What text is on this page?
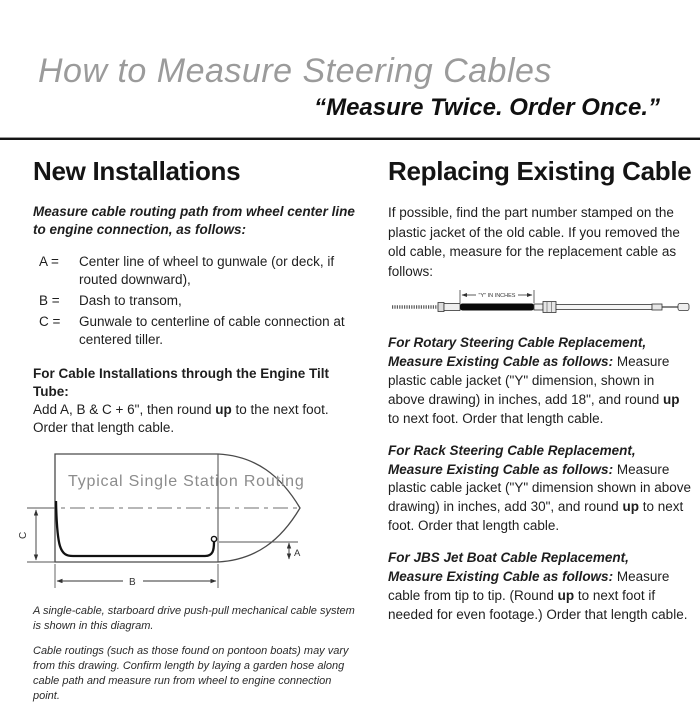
How to Measure Steering Cables
“Measure Twice. Order Once.”
New Installations

Measure cable routing path from wheel center line to engine connection, as follows:

A =	Center line of wheel to gunwale (or deck, if routed downward),
B =	Dash to transom,
C =	Gunwale to centerline of cable connection at centered tiller.

For Cable Installations through the Engine Tilt Tube:

Add A, B & C + 6", then round up to the next foot. Order that length cable.

A
C
B
Typical Single Station Routing

A single-cable, starboard drive push-pull mechanical cable system is shown in this diagram.

Cable routings (such as those found on pontoon boats) may vary from this drawing. Confirm length by laying a garden hose along cable path and measure run from wheel to engine connection point.

Replacing Existing Cable

If possible, find the part number stamped on the plastic jacket of the old cable. If you removed the old cable, measure for the replacement cable as follows:

"Y" IN INCHES

For Rotary Steering Cable Replacement,
Measure Existing Cable as follows: Measure plastic cable jacket ("Y" dimension, shown in above drawing) in inches, add 18", and round up to next foot. Order that length cable.

For Rack Steering Cable Replacement,
Measure Existing Cable as follows: Measure plastic cable jacket ("Y" dimension shown in above drawing) in inches, add 30", and round up to next foot. Order that length cable.

For JBS Jet Boat Cable Replacement,
Measure Existing Cable as follows: Measure cable from tip to tip. (Round up to next foot if needed for even footage.) Order that length cable.
